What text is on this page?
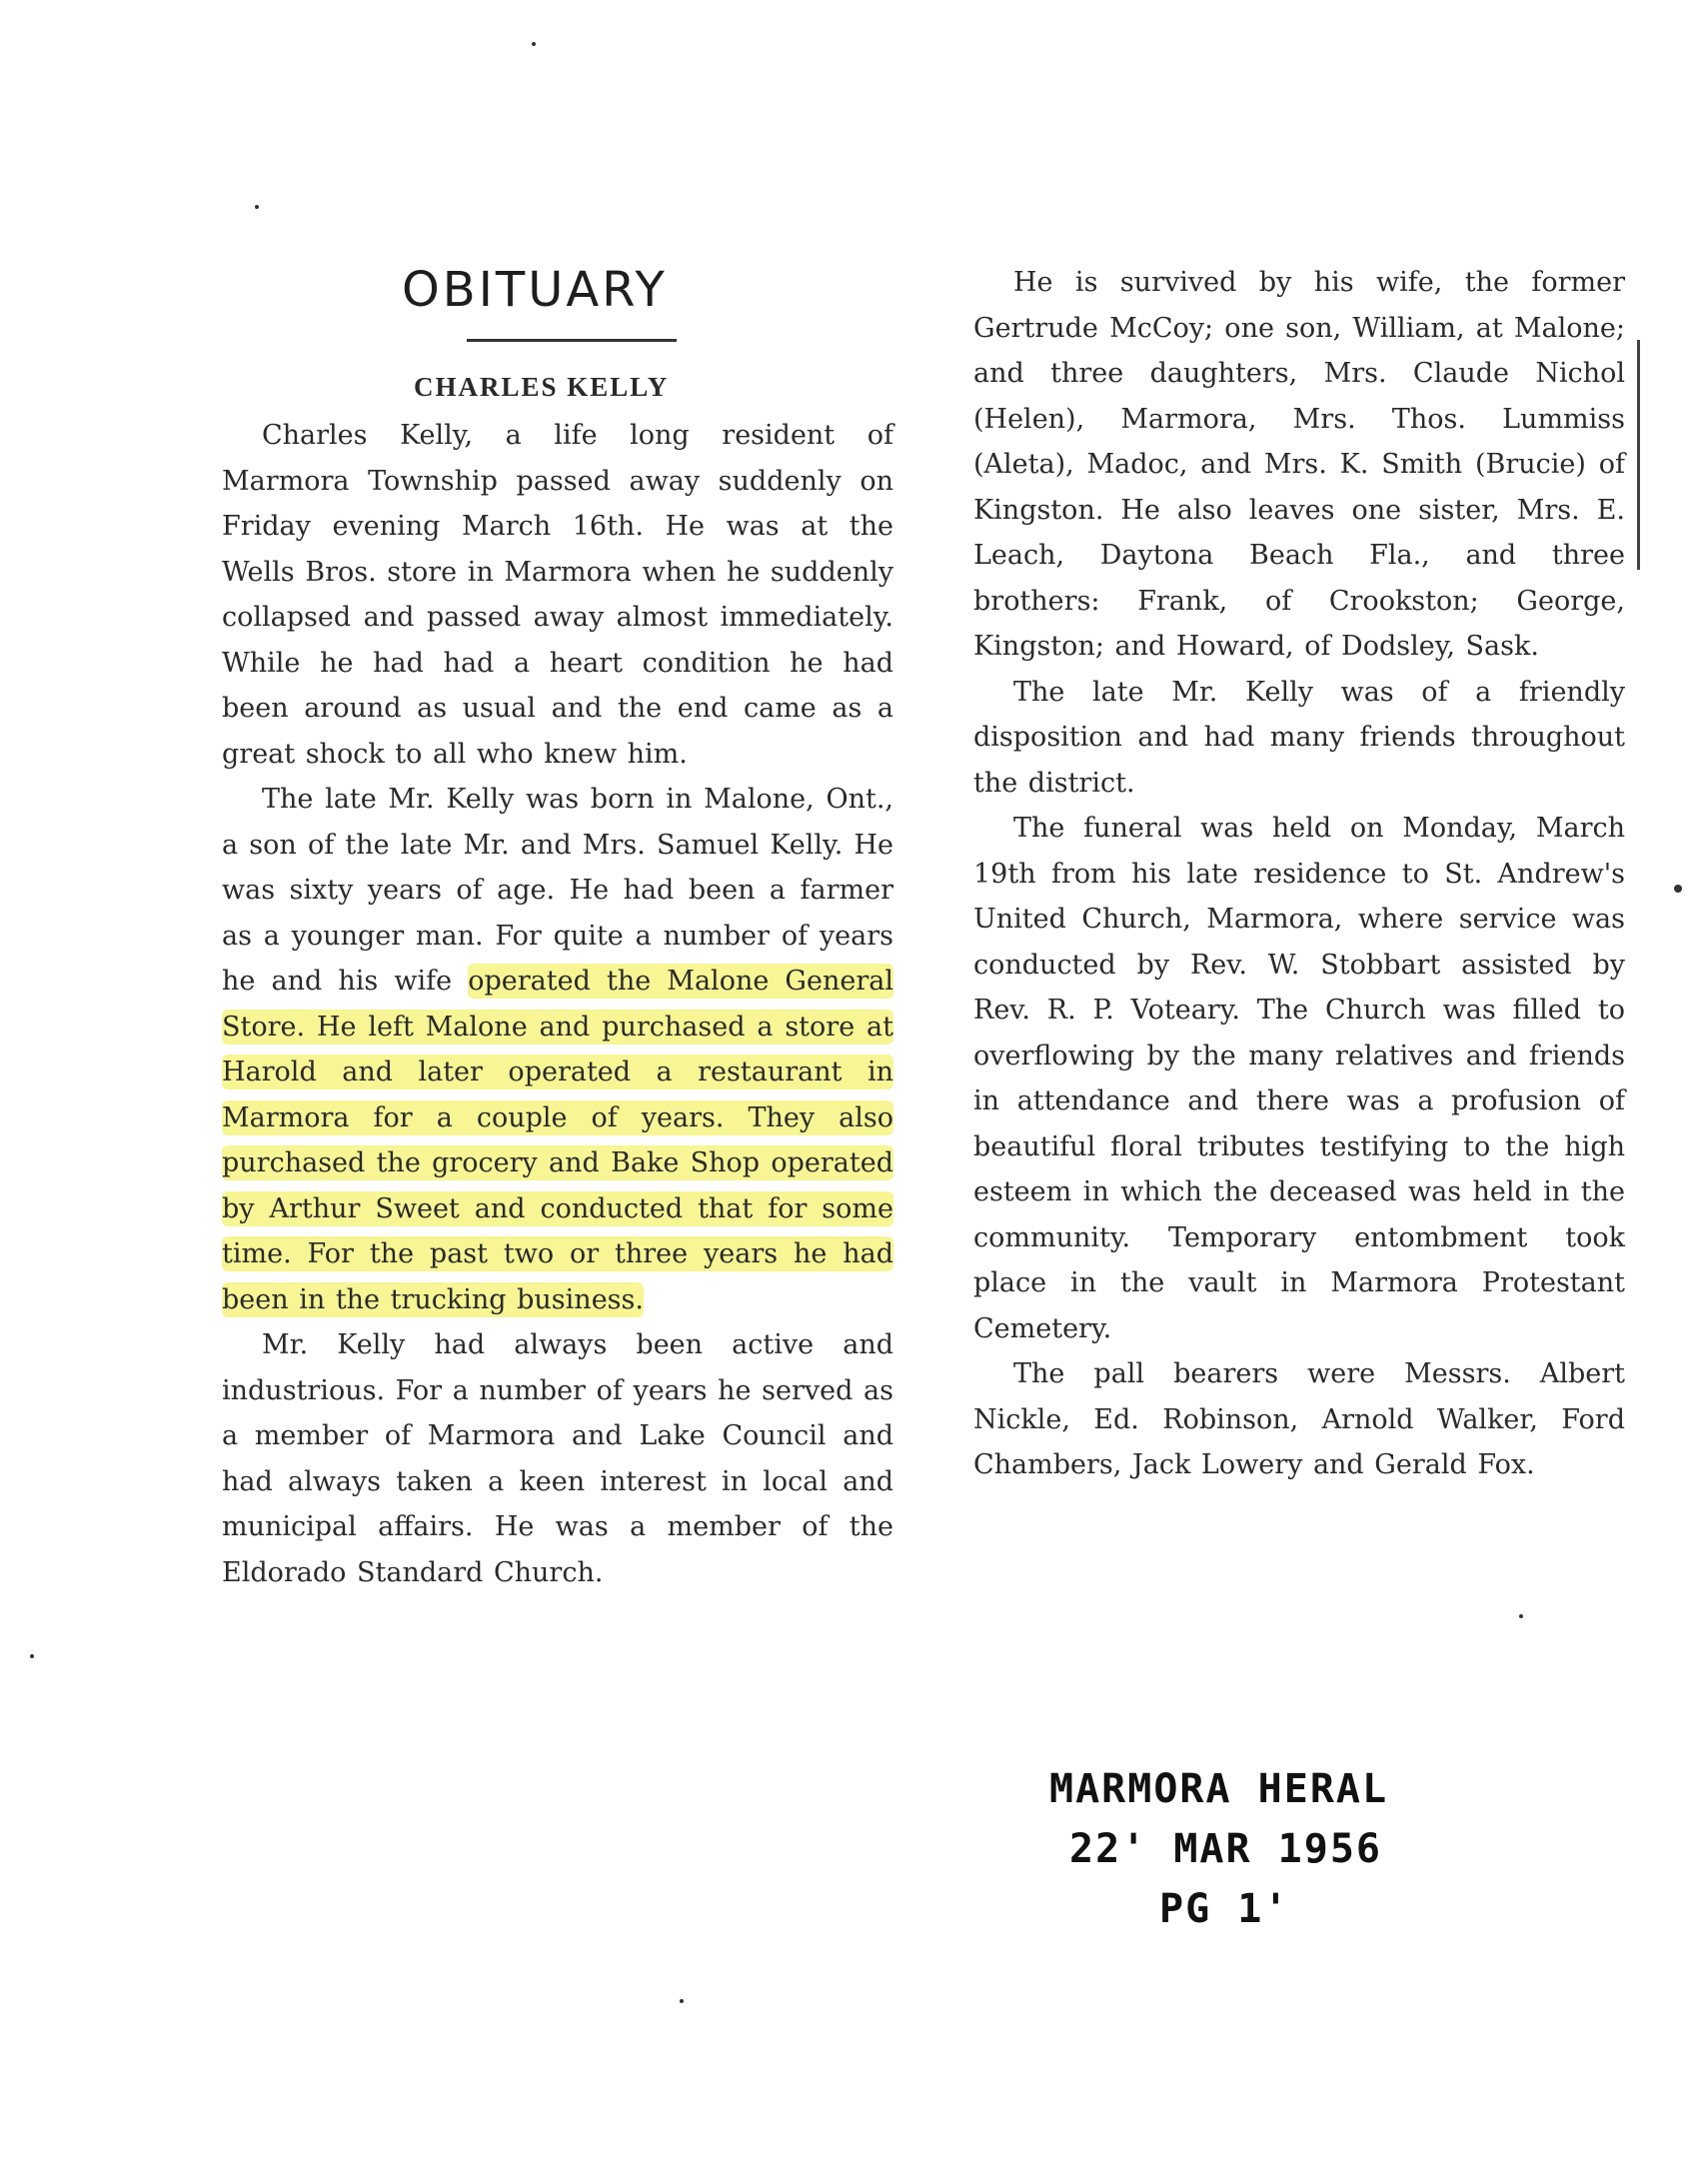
OBITUARY
CHARLES KELLY

Charles Kelly, a life long resident of Marmora Township passed away suddenly on Friday evening March 16th. He was at the Wells Bros. store in Marmora when he suddenly collapsed and passed away almost immediately. While he had had a heart condition he had been around as usual and the end came as a great shock to all who knew him.

The late Mr. Kelly was born in Malone, Ont., a son of the late Mr. and Mrs. Samuel Kelly. He was sixty years of age. He had been a farmer as a younger man. For quite a number of years he and his wife operated the Malone General Store. He left Malone and purchased a store at Harold and later operated a restaurant in Marmora for a couple of years. They also purchased the grocery and Bake Shop operated by Arthur Sweet and conducted that for some time. For the past two or three years he had been in the trucking business.

Mr. Kelly had always been active and industrious. For a number of years he served as a member of Marmora and Lake Council and had always taken a keen interest in local and municipal affairs. He was a member of the Eldorado Standard Church.

He is survived by his wife, the former Gertrude McCoy; one son, William, at Malone; and three daughters, Mrs. Claude Nichol (Helen), Marmora, Mrs. Thos. Lummiss (Aleta), Madoc, and Mrs. K. Smith (Brucie) of Kingston. He also leaves one sister, Mrs. E. Leach, Daytona Beach Fla., and three brothers: Frank, of Crookston; George, Kingston; and Howard, of Dodsley, Sask.

The late Mr. Kelly was of a friendly disposition and had many friends throughout the district.

The funeral was held on Monday, March 19th from his late residence to St. Andrew's United Church, Marmora, where service was conducted by Rev. W. Stobbart assisted by Rev. R. P. Voteary. The Church was filled to overflowing by the many relatives and friends in attendance and there was a profusion of beautiful floral tributes testifying to the high esteem in which the deceased was held in the community. Temporary entombment took place in the vault in Marmora Protestant Cemetery.

The pall bearers were Messrs. Albert Nickle, Ed. Robinson, Arnold Walker, Ford Chambers, Jack Lowery and Gerald Fox.

MARMORA HERAL
22' MAR 1956
PG 1'
